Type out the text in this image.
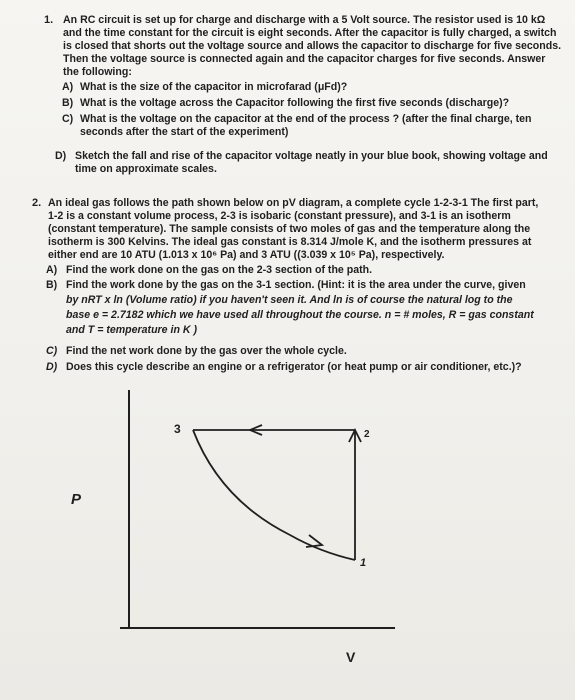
1. An RC circuit is set up for charge and discharge with a 5 Volt source. The resistor used is 10 kΩ
and the time constant for the circuit is eight seconds. After the capacitor is fully charged, a switch
is closed that shorts out the voltage source and allows the capacitor to discharge for five seconds.
Then the voltage source is connected again and the capacitor charges for five seconds. Answer
the following:
A) What is the size of the capacitor in microfarad (μFd)?
B) What is the voltage across the Capacitor following the first five seconds (discharge)?
C) What is the voltage on the capacitor at the end of the process ? (after the final charge, ten
seconds after the start of the experiment)
D) Sketch the fall and rise of the capacitor voltage neatly in your blue book, showing voltage and
time on approximate scales.
2. An ideal gas follows the path shown below on pV diagram, a complete cycle 1-2-3-1 The first part,
1-2 is a constant volume process, 2-3 is isobaric (constant pressure), and 3-1 is an isotherm
(constant temperature). The sample consists of two moles of gas and the temperature along the
isotherm is 300 Kelvins. The ideal gas constant is 8.314 J/mole K, and the isotherm pressures at
either end are 10 ATU (1.013 x 10⁶ Pa) and 3 ATU ((3.039 x 10⁵ Pa), respectively.
A) Find the work done on the gas on the 2-3 section of the path.
B) Find the work done by the gas on the 3-1 section. (Hint: it is the area under the curve, given
by nRT x ln (Volume ratio) if you haven't seen it. And ln is of course the natural log to the
base e = 2.7182 which we have used all throughout the course. n = # moles, R = gas constant
and T = temperature in K )
C) Find the net work done by the gas over the whole cycle.
D) Does this cycle describe an engine or a refrigerator (or heat pump or air conditioner, etc.)?
P
V
3	2
1
